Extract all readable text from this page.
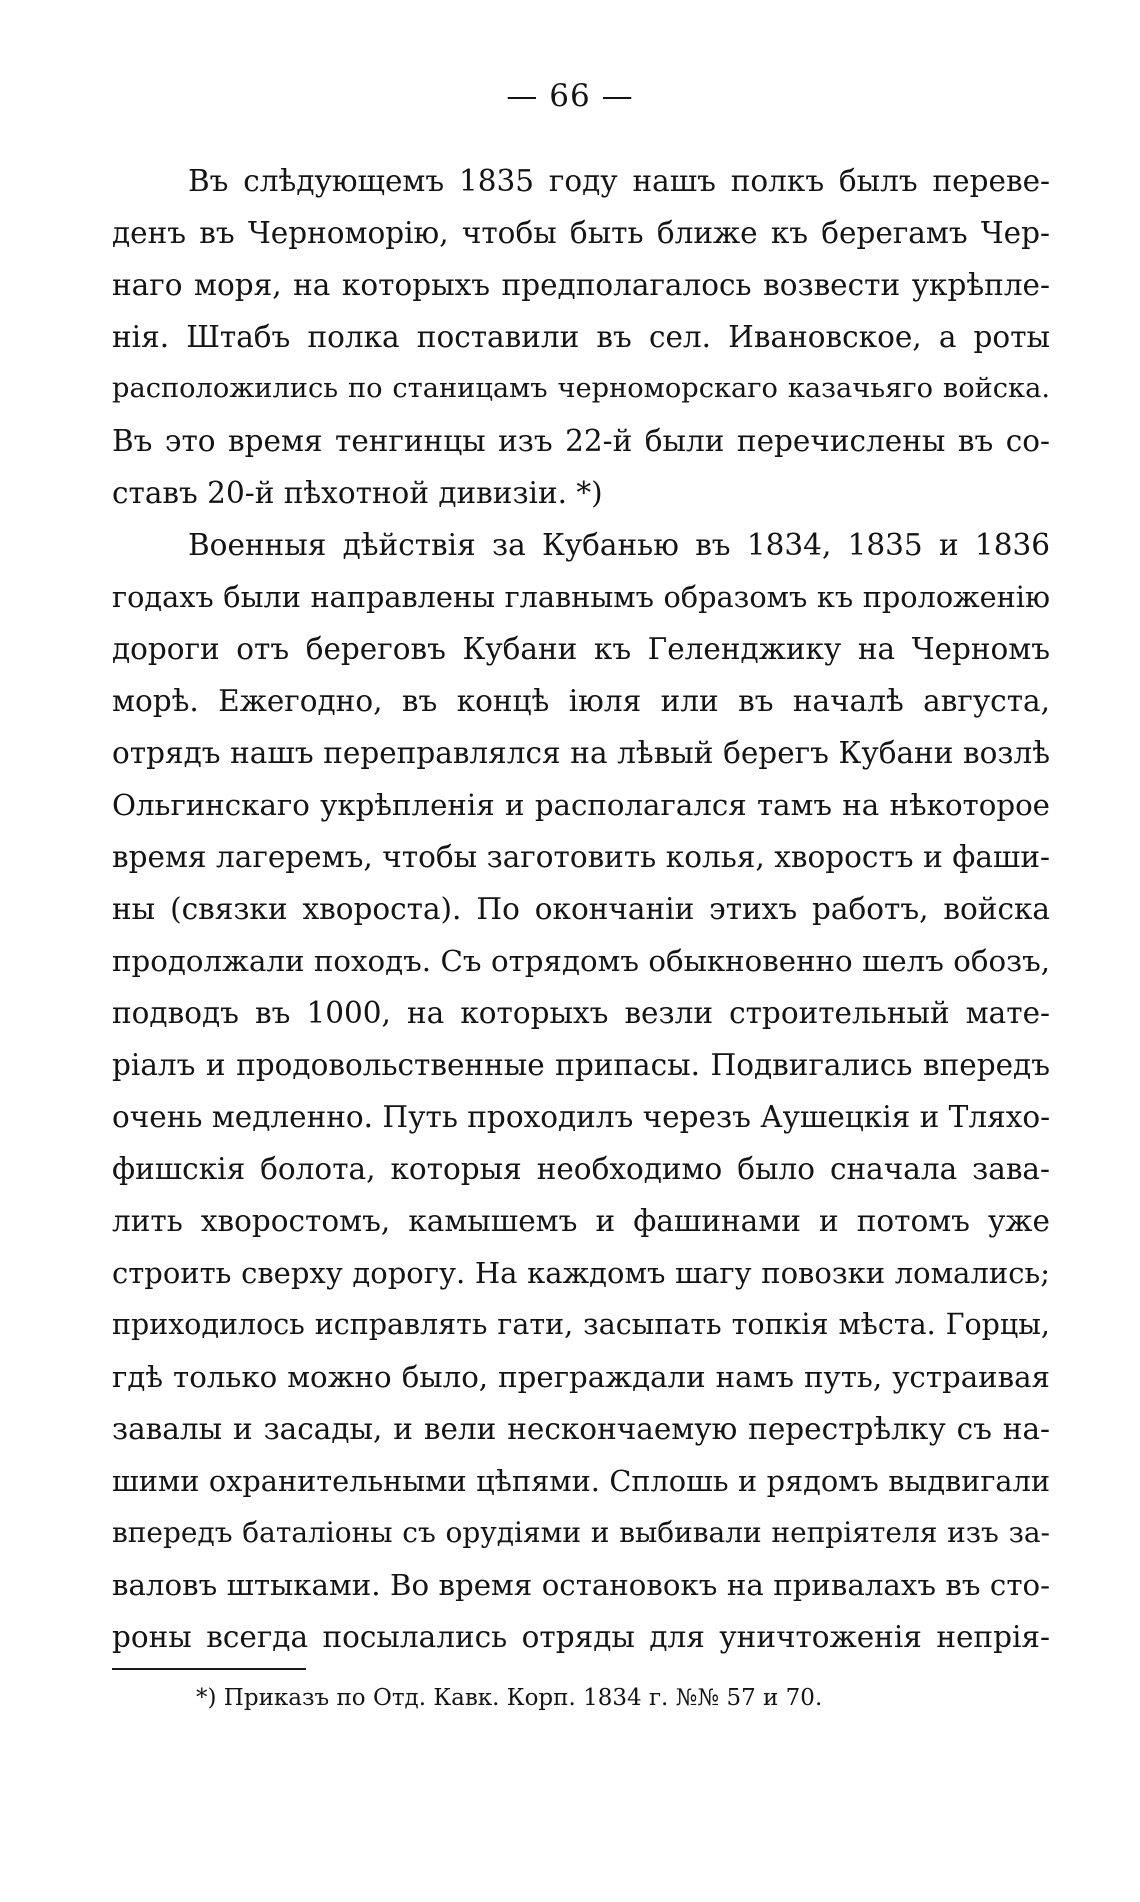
— 66 —
Въ слѣдующемъ 1835 году нашъ полкъ былъ переве-
денъ въ Черноморію, чтобы быть ближе къ берегамъ Чер-
наго моря, на которыхъ предполагалось возвести укрѣпле-
нія. Штабъ полка поставили въ сел. Ивановское, а роты
расположились по станицамъ черноморскаго казачьяго войска.
Въ это время тенгинцы изъ 22-й были перечислены въ со-
ставъ 20-й пѣхотной дивизіи. *)
Военныя дѣйствія за Кубанью въ 1834, 1835 и 1836
годахъ были направлены главнымъ образомъ къ проложенію
дороги отъ береговъ Кубани къ Геленджику на Черномъ
морѣ. Ежегодно, въ концѣ іюля или въ началѣ августа,
отрядъ нашъ переправлялся на лѣвый берегъ Кубани возлѣ
Ольгинскаго укрѣпленія и располагался тамъ на нѣкоторое
время лагеремъ, чтобы заготовить колья, хворостъ и фаши-
ны (связки хвороста). По окончаніи этихъ работъ, войска
продолжали походъ. Съ отрядомъ обыкновенно шелъ обозъ,
подводъ въ 1000, на которыхъ везли строительный мате-
ріалъ и продовольственные припасы. Подвигались впередъ
очень медленно. Путь проходилъ черезъ Аушецкія и Тляхо-
фишскія болота, которыя необходимо было сначала зава-
лить хворостомъ, камышемъ и фашинами и потомъ уже
строить сверху дорогу. На каждомъ шагу повозки ломались;
приходилось исправлять гати, засыпать топкія мѣста. Горцы,
гдѣ только можно было, преграждали намъ путь, устраивая
завалы и засады, и вели нескончаемую перестрѣлку съ на-
шими охранительными цѣпями. Сплошь и рядомъ выдвигали
впередъ баталіоны съ орудіями и выбивали непріятеля изъ за-
валовъ штыками. Во время остановокъ на привалахъ въ сто-
роны всегда посылались отряды для уничтоженія непрія-
*) Приказъ по Отд. Кавк. Корп. 1834 г. №№ 57 и 70.
